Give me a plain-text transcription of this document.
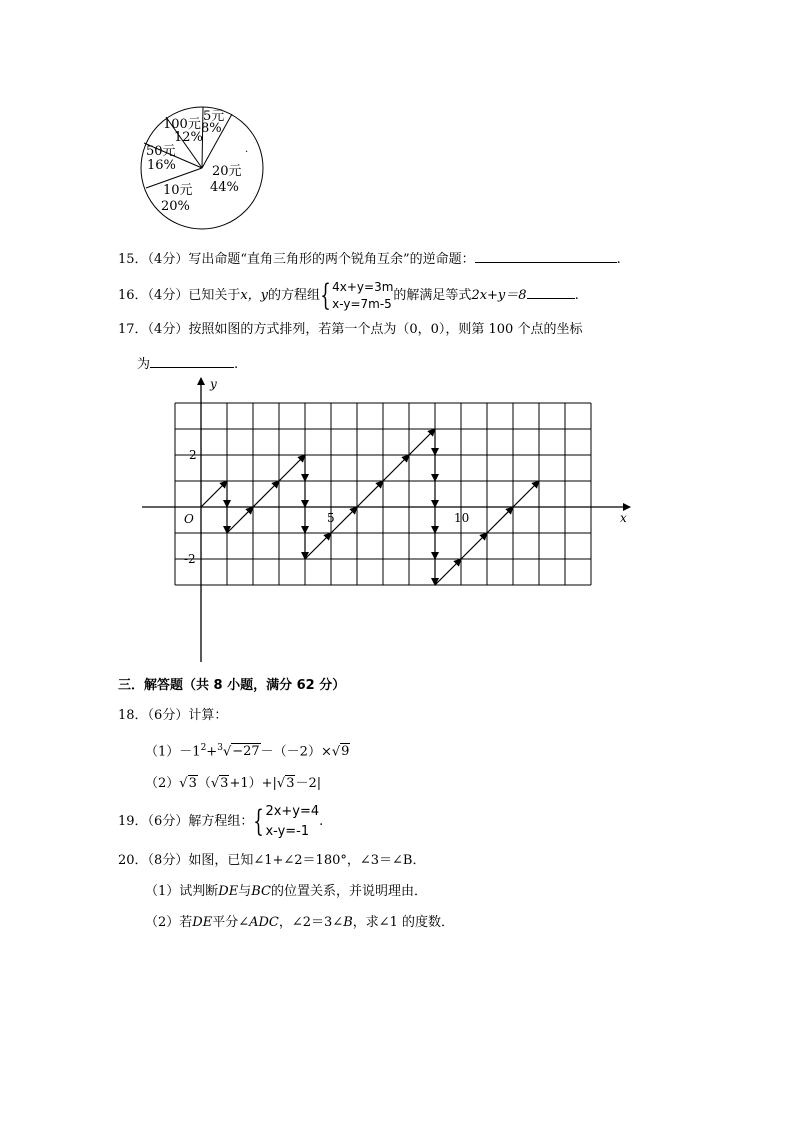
5元
8%
100元
12%
50元
16%	20元
44%
10元
20%
.
15．（4分）写出命题“直角三角形的两个锐角互余”的逆命题：	.
16．（4分）已知关于x，y的方程组{ 4x+y=3m
x-y=7m-5
的解满足等式2x+y＝8	.
17．（4分）按照如图的方式排列，若第一个点为（0，0），则第 100 个点的坐标
为	.
y
x
O
2
-2
5	10
三．解答题（共 8 小题，满分 62 分）
18．（6分）计算：
$(1)-1^2+^3√-27-(-2)\times√9$
（2）√3（√3+1）+|√3－2|
19．（6分）解方程组：{ 2x+y=4
x-y=-1
.
20．（8分）如图，已知∠1+∠2＝180°，∠3＝∠B．
（1）试判断DE与BC的位置关系，并说明理由．
（2）若DE平分∠ADC，∠2＝3∠B，求∠1 的度数．
